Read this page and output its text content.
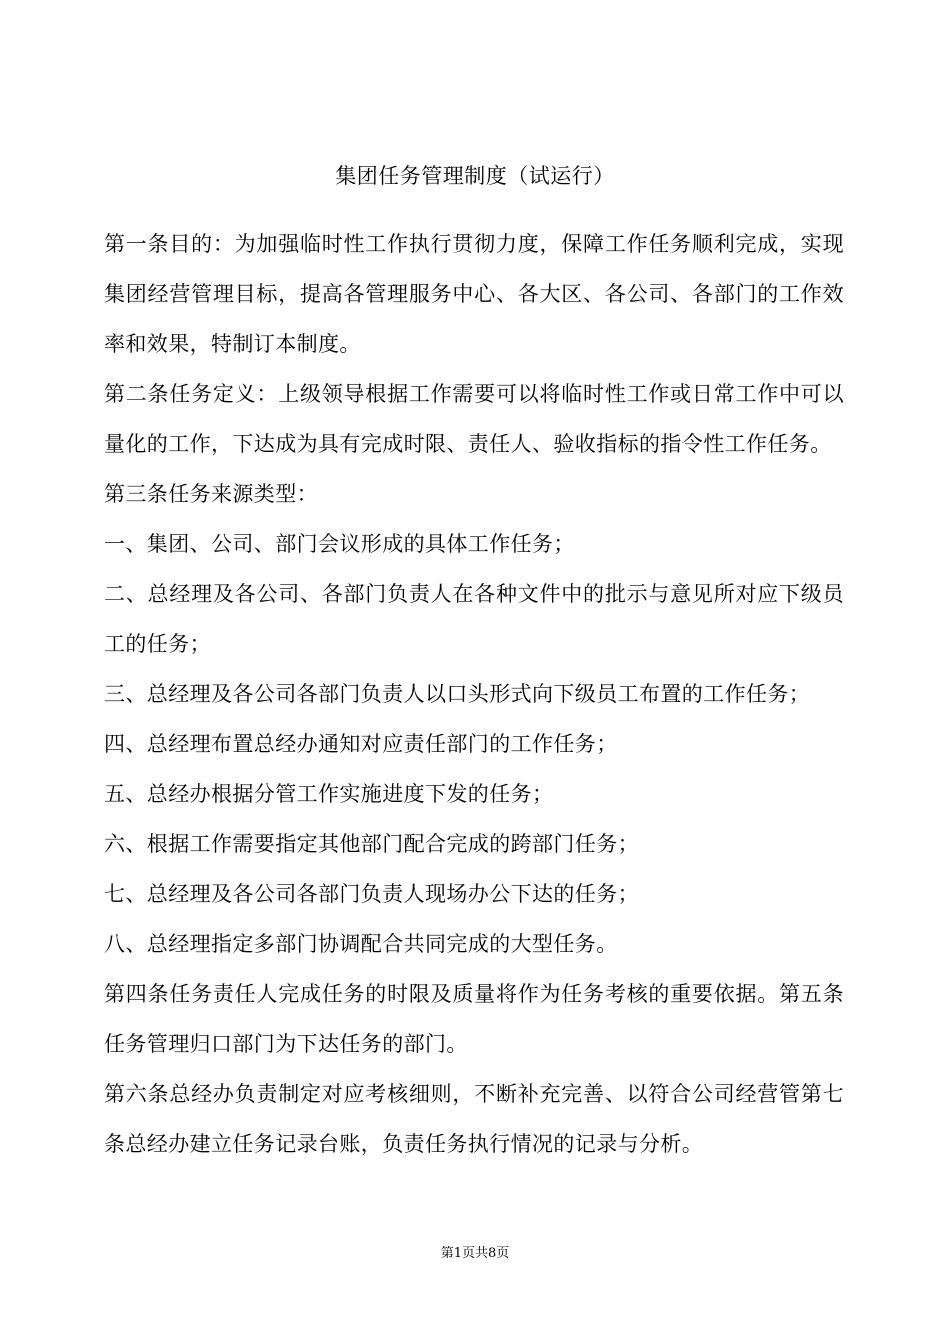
集团任务管理制度（试运行）

第一条目的：为加强临时性工作执行贯彻力度，保障工作任务顺利完成，实现集团经营管理目标，提高各管理服务中心、各大区、各公司、各部门的工作效率和效果，特制订本制度。

第二条任务定义：上级领导根据工作需要可以将临时性工作或日常工作中可以量化的工作，下达成为具有完成时限、责任人、验收指标的指令性工作任务。

第三条任务来源类型：

一、集团、公司、部门会议形成的具体工作任务；

二、总经理及各公司、各部门负责人在各种文件中的批示与意见所对应下级员工的任务；

三、总经理及各公司各部门负责人以口头形式向下级员工布置的工作任务；

四、总经理布置总经办通知对应责任部门的工作任务；

五、总经办根据分管工作实施进度下发的任务；

六、根据工作需要指定其他部门配合完成的跨部门任务；

七、总经理及各公司各部门负责人现场办公下达的任务；

八、总经理指定多部门协调配合共同完成的大型任务。

第四条任务责任人完成任务的时限及质量将作为任务考核的重要依据。第五条任务管理归口部门为下达任务的部门。

第六条总经办负责制定对应考核细则，不断补充完善、以符合公司经营管第七条总经办建立任务记录台账，负责任务执行情况的记录与分析。

第1页共8页
